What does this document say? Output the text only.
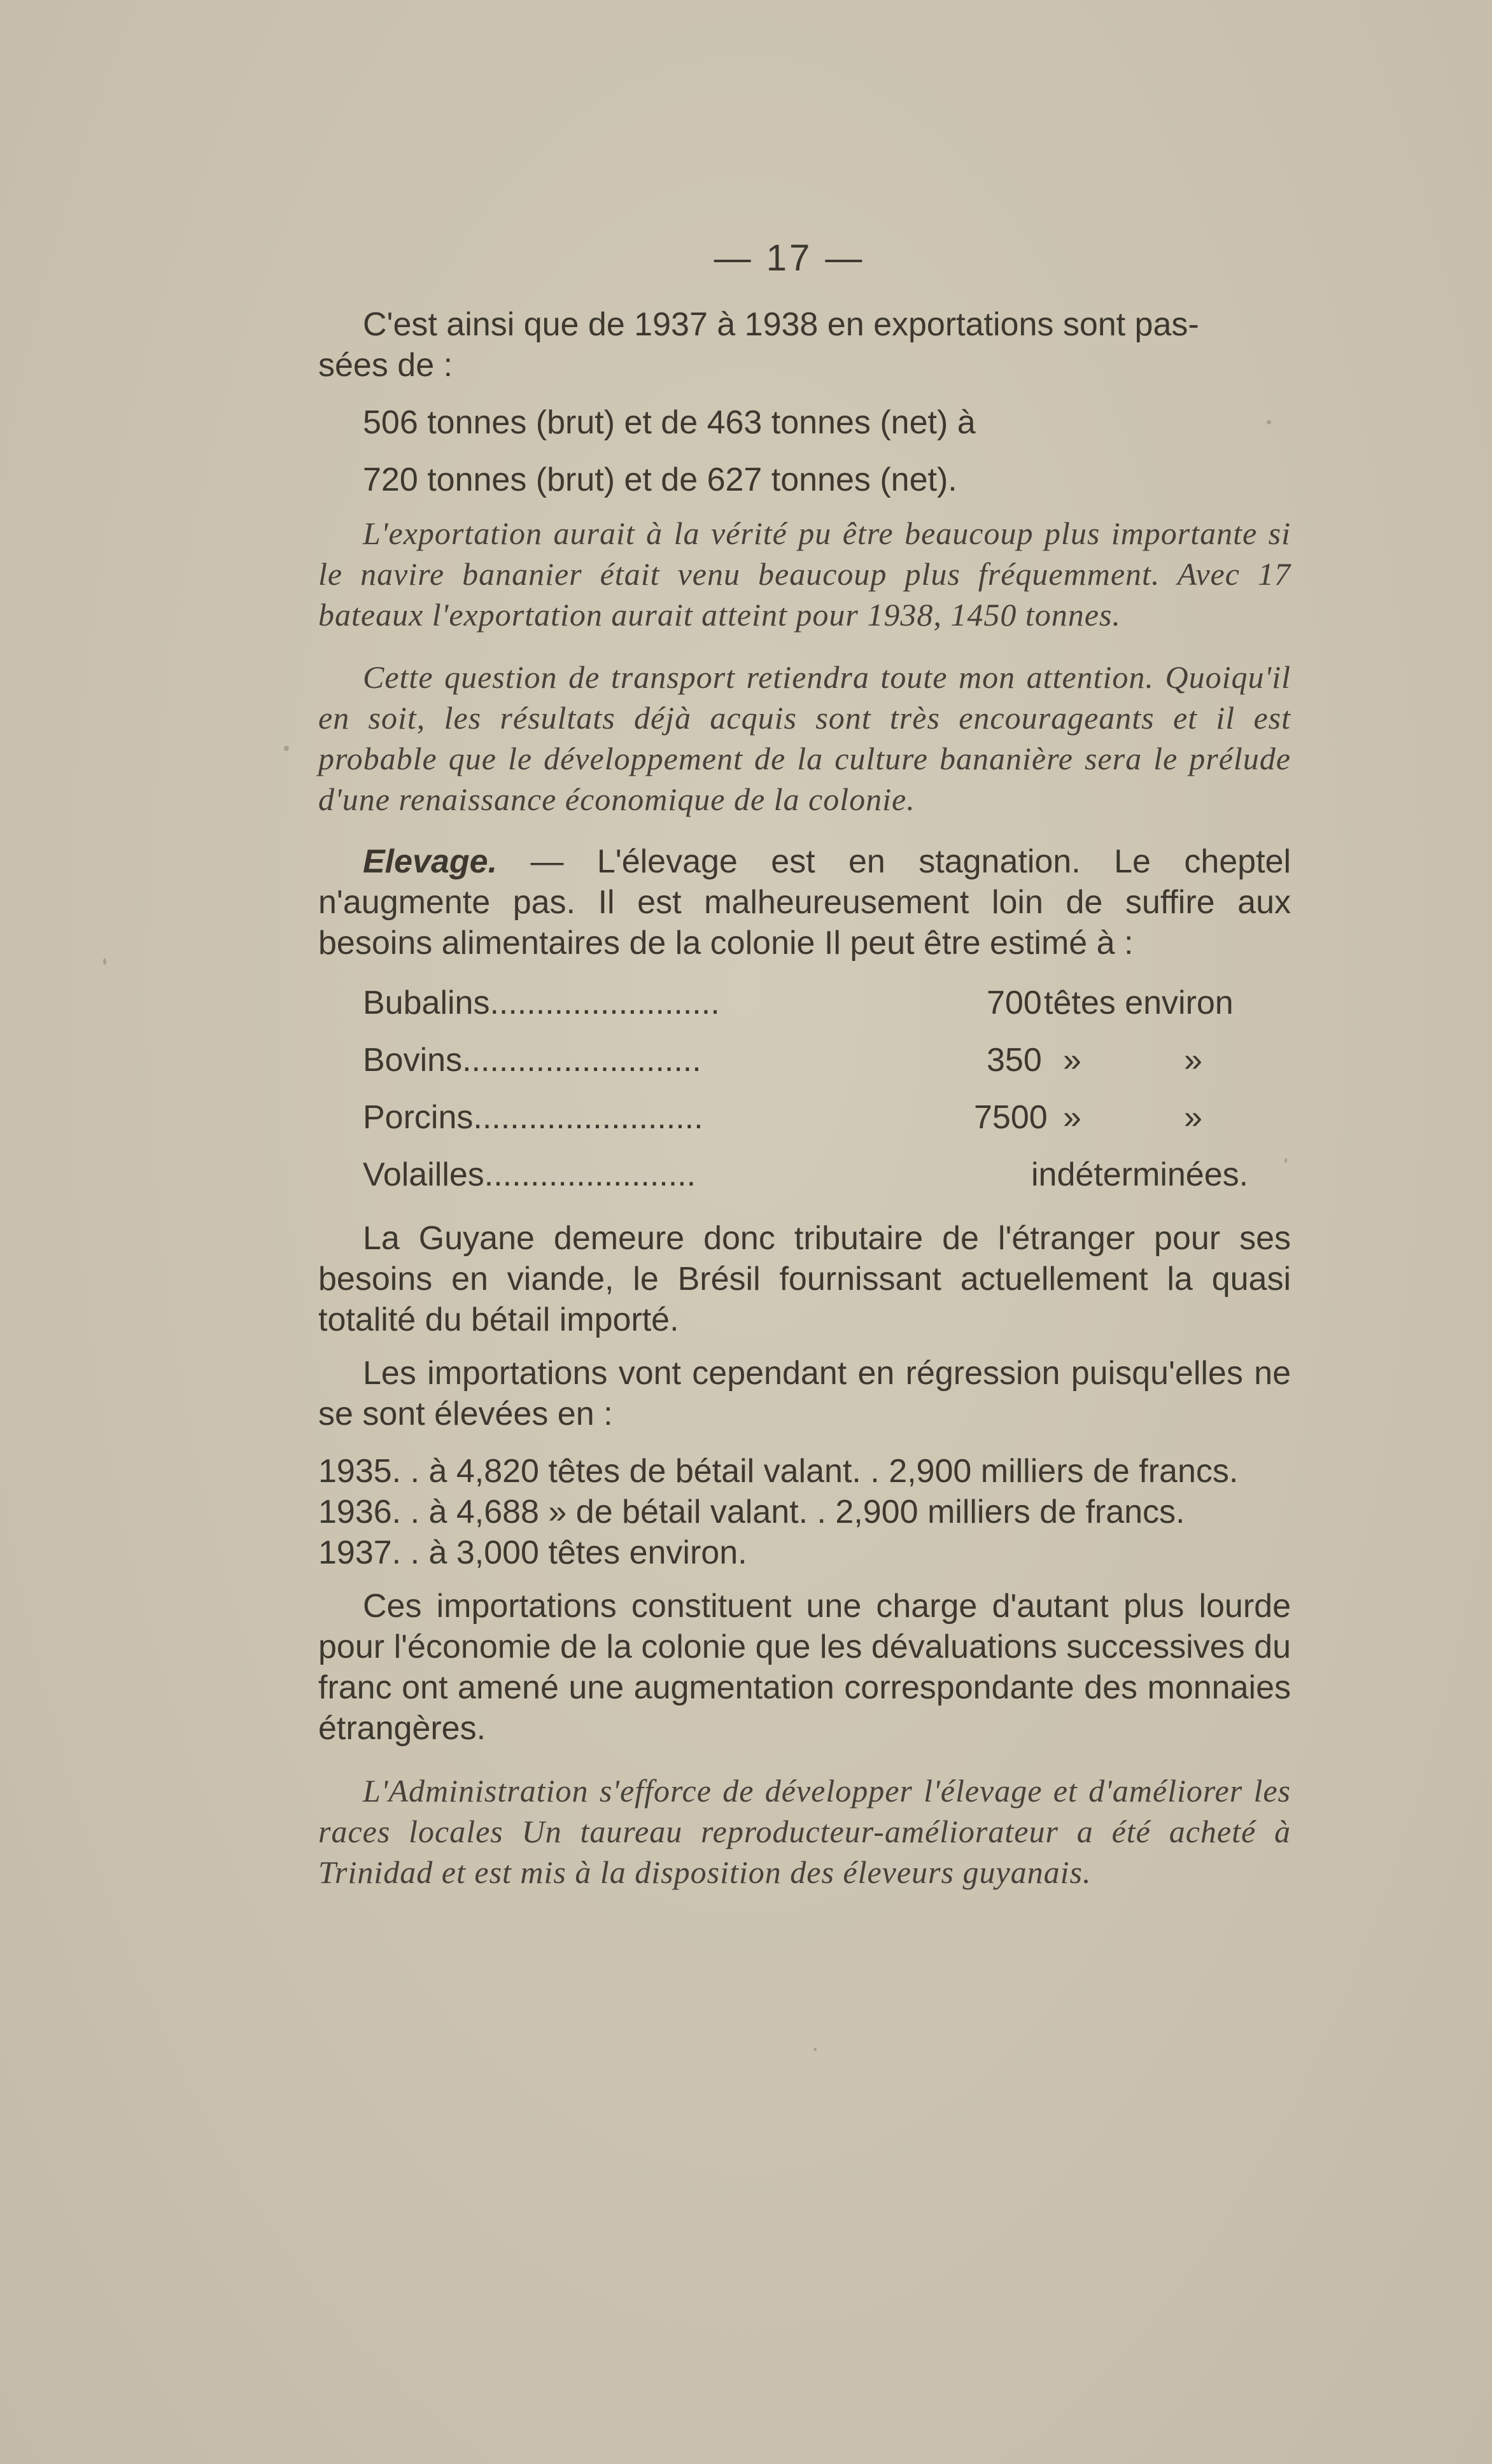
— 17 —
C'est ainsi que de 1937 à 1938 en exportations sont pas-
sées de :
506 tonnes (brut) et de 463 tonnes (net) à
720 tonnes (brut) et de 627 tonnes (net).

L'exportation aurait à la vérité pu être beaucoup plus importante si le navire bananier était venu beaucoup plus fréquemment. Avec 17 bateaux l'exportation aurait atteint pour 1938, 1450 tonnes.

Cette question de transport retiendra toute mon attention. Quoiqu'il en soit, les résultats déjà acquis sont très encourageants et il est probable que le développement de la culture bananière sera le prélude d'une renaissance économique de la colonie.

Elevage. — L'élevage est en stagnation. Le cheptel n'augmente pas. Il est malheureusement loin de suffire aux besoins alimentaires de la colonie Il peut être estimé à :

Bubalins.........................	700 têtes environ
Bovins..........................	350 »	»
Porcins.........................	7500 »	»
Volailles.......................	indéterminées.

La Guyane demeure donc tributaire de l'étranger pour ses besoins en viande, le Brésil fournissant actuellement la quasi totalité du bétail importé.

Les importations vont cependant en régression puisqu'elles ne se sont élevées en :

1935. . à 4,820 têtes de bétail valant. . 2,900 milliers de francs.
1936. . à 4,688 » de bétail valant. . 2,900 milliers de francs.
1937. . à 3,000 têtes environ.

Ces importations constituent une charge d'autant plus lourde pour l'économie de la colonie que les dévaluations successives du franc ont amené une augmentation correspondante des monnaies étrangères.

L'Administration s'efforce de développer l'élevage et d'améliorer les races locales Un taureau reproducteur-améliorateur a été acheté à Trinidad et est mis à la disposition des éleveurs guyanais.
